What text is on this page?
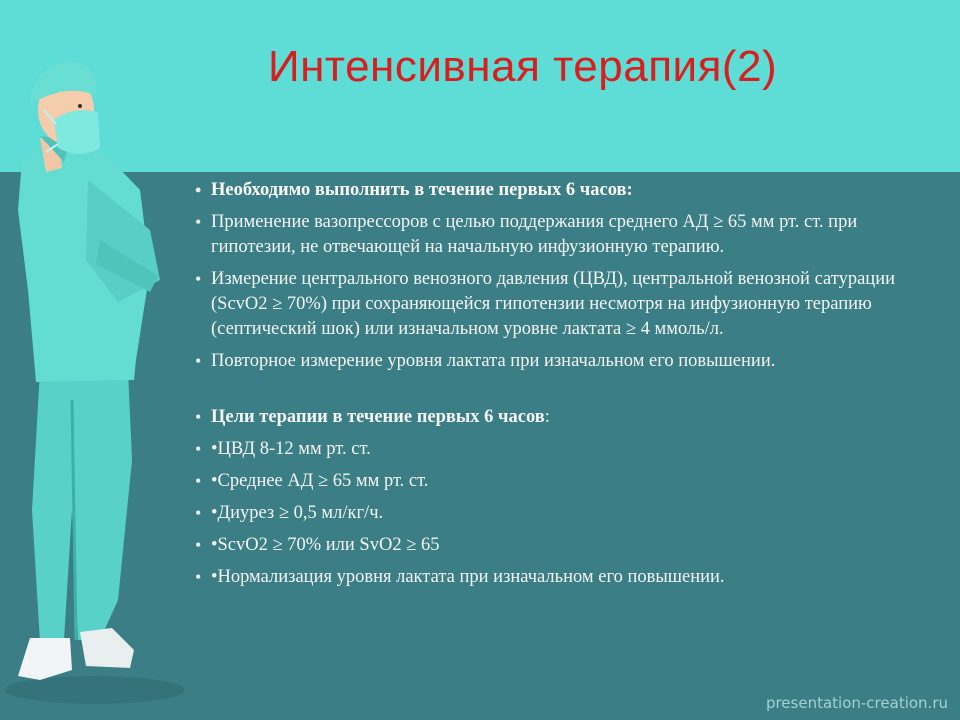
Интенсивная терапия(2)
• Необходимо выполнить в течение первых 6 часов:
• Применение вазопрессоров с целью поддержания среднего АД ≥ 65 мм рт. ст. при гипотезии, не отвечающей на начальную инфузионную терапию.
• Измерение центрального венозного давления (ЦВД), центральной венозной сатурации (ScvO2 ≥ 70%) при сохраняющейся гипотензии несмотря на инфузионную терапию (септический шок) или изначальном уровне лактата ≥ 4 ммоль/л.
• Повторное измерение уровня лактата при изначальном его повышении.
• Цели терапии в течение первых 6 часов:
• •ЦВД 8-12 мм рт. ст.
• •Среднее АД ≥ 65 мм рт. ст.
• •Диурез ≥ 0,5 мл/кг/ч.
• •ScvO2 ≥ 70% или SvO2 ≥ 65
• •Нормализация уровня лактата при изначальном его повышении.
presentation-creation.ru
